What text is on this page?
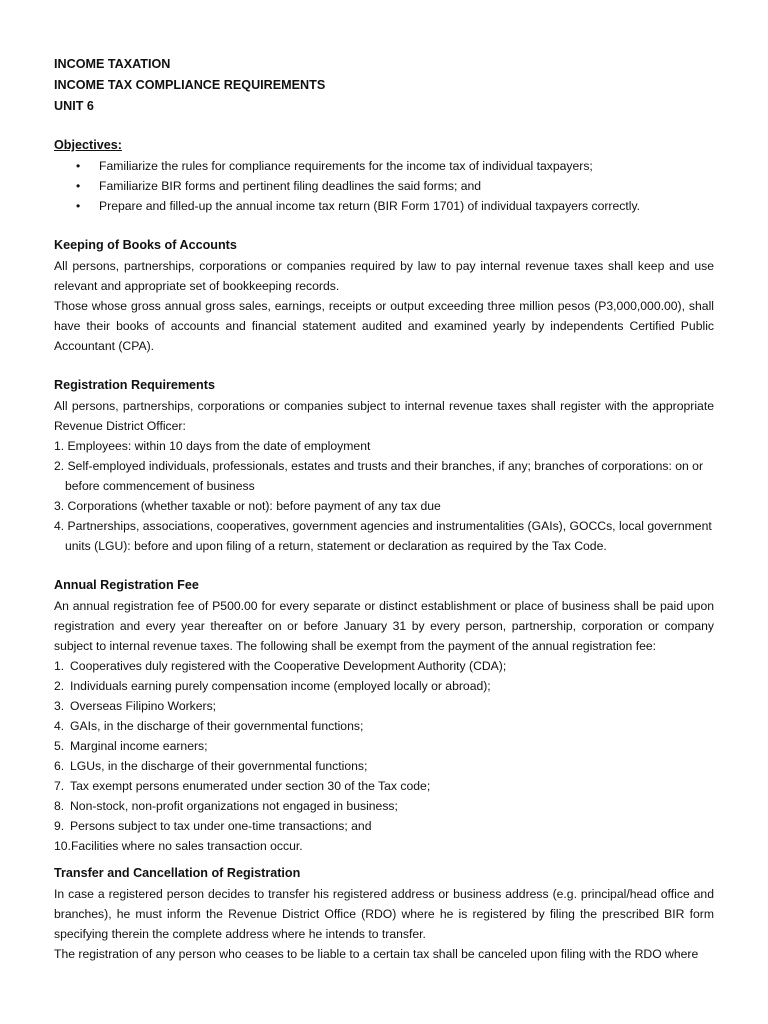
INCOME TAXATION
INCOME TAX COMPLIANCE REQUIREMENTS
UNIT 6
Objectives:
• Familiarize the rules for compliance requirements for the income tax of individual taxpayers;
• Familiarize BIR forms and pertinent filing deadlines the said forms; and
• Prepare and filled-up the annual income tax return (BIR Form 1701) of individual taxpayers correctly.
Keeping of Books of Accounts

All persons, partnerships, corporations or companies required by law to pay internal revenue taxes shall keep and use relevant and appropriate set of bookkeeping records.

Those whose gross annual gross sales, earnings, receipts or output exceeding three million pesos (P3,000,000.00), shall have their books of accounts and financial statement audited and examined yearly by independents Certified Public Accountant (CPA).

Registration Requirements

All persons, partnerships, corporations or companies subject to internal revenue taxes shall register with the appropriate Revenue District Officer:

1. Employees: within 10 days from the date of employment
2. Self-employed individuals, professionals, estates and trusts and their branches, if any; branches of corporations: on or before commencement of business
3. Corporations (whether taxable or not): before payment of any tax due
4. Partnerships, associations, cooperatives, government agencies and instrumentalities (GAIs), GOCCs, local government units (LGU): before and upon filing of a return, statement or declaration as required by the Tax Code.
Annual Registration Fee

An annual registration fee of P500.00 for every separate or distinct establishment or place of business shall be paid upon registration and every year thereafter on or before January 31 by every person, partnership, corporation or company subject to internal revenue taxes. The following shall be exempt from the payment of the annual registration fee:

1. Cooperatives duly registered with the Cooperative Development Authority (CDA);
2. Individuals earning purely compensation income (employed locally or abroad);
3. Overseas Filipino Workers;
4. GAIs, in the discharge of their governmental functions;
5. Marginal income earners;
6. LGUs, in the discharge of their governmental functions;
7. Tax exempt persons enumerated under section 30 of the Tax code;
8. Non-stock, non-profit organizations not engaged in business;
9. Persons subject to tax under one-time transactions; and
10.Facilities where no sales transaction occur.
Transfer and Cancellation of Registration

In case a registered person decides to transfer his registered address or business address (e.g. principal/head office and branches), he must inform the Revenue District Office (RDO) where he is registered by filing the prescribed BIR form specifying therein the complete address where he intends to transfer.

The registration of any person who ceases to be liable to a certain tax shall be canceled upon filing with the RDO where
